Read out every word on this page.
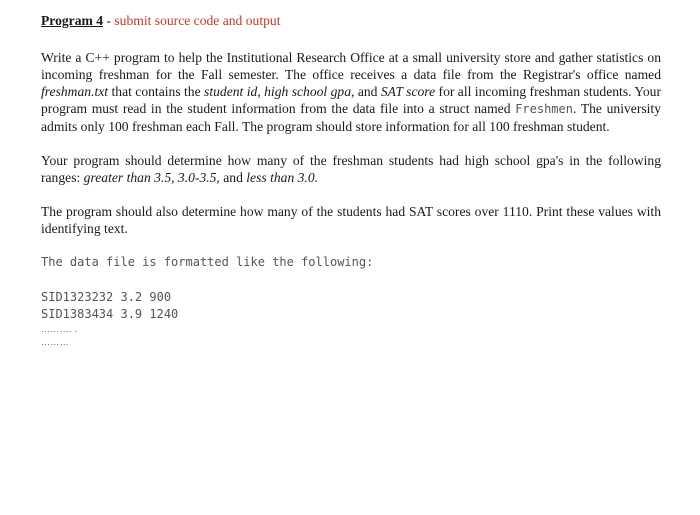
Program 4 - submit source code and output

Write a C++ program to help the Institutional Research Office at a small university store and gather statistics on incoming freshman for the Fall semester. The office receives a data file from the Registrar's office named freshman.txt that contains the student id, high school gpa, and SAT score for all incoming freshman students. Your program must read in the student information from the data file into a struct named Freshmen. The university admits only 100 freshman each Fall. The program should store information for all 100 freshman student.

Your program should determine how many of the freshman students had high school gpa's in the following ranges: greater than 3.5, 3.0-3.5, and less than 3.0.

The program should also determine how many of the students had SAT scores over 1110. Print these values with identifying text.

The data file is formatted like the following:
SID1323232 3.2 900
SID1383434 3.9 1240
………. .
………
